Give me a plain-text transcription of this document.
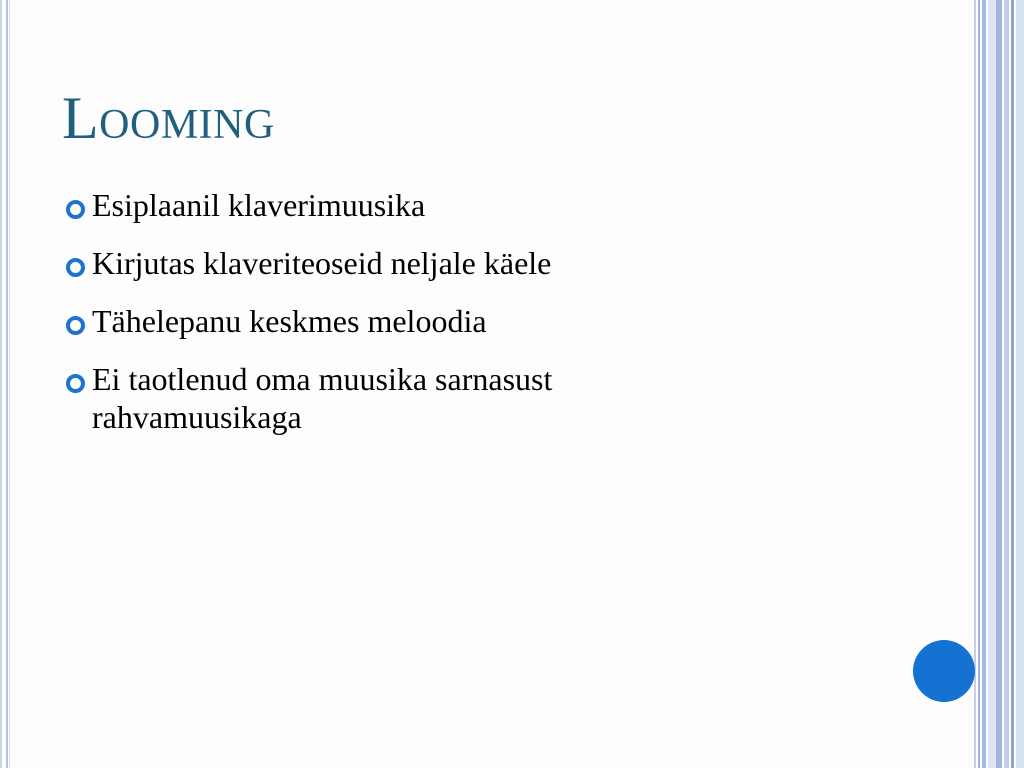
Looming
Esiplaanil klaverimuusika
Kirjutas klaveriteoseid neljale käele
Tähelepanu keskmes meloodia
Ei taotlenud oma muusika sarnasust rahvamuusikaga
